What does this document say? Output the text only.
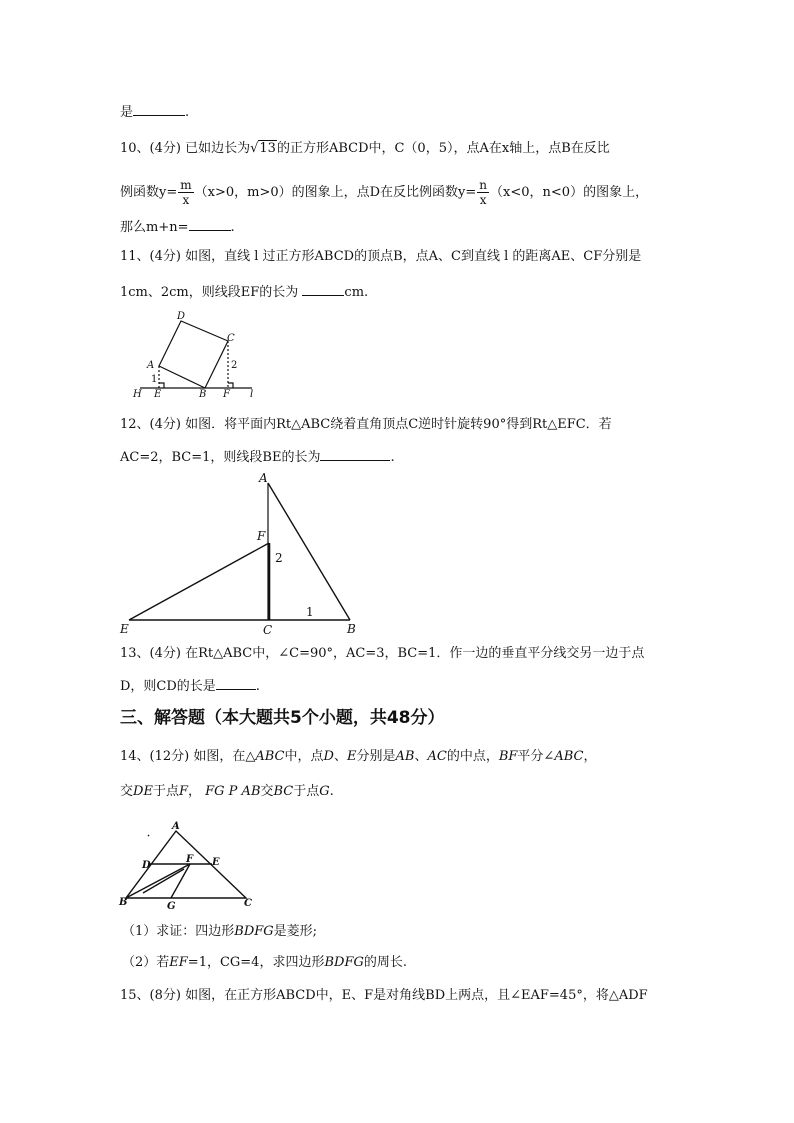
是	.
10、(4分) 已如边长为√13的正方形ABCD中，C（0，5），点A在x轴上，点B在反比
例函数$y= \frac{m}{x} (x>0$，m>0）的图象上，点D在反比例函数$y= \frac{n}{x} (x<0$，n<0）的图象上，
那么m+n=	.
11、(4分) 如图，直线 l 过正方形ABCD的顶点B，点A、C到直线 l 的距离AE、CF分别是
1cm、2cm，则线段EF的长为	cm.
D
A
C
H E	B F l
1
2
12、(4分) 如图．将平面内Rt△ABC绕着直角顶点C逆时针旋转90°得到Rt△EFC．若
AC=2，BC=1，则线段BE的长为	.
A
F
E	C	B
2
1
13、(4分) 在Rt△ABC中，∠C=90°，AC=3，BC=1．作一边的垂直平分线交另一边于点
D，则CD的长是	.
三、解答题（本大题共5个小题，共48分）
14、(12分) 如图，在△ABC中，点D、E分别是AB、AC的中点，BF平分∠ABC，
交DE于点F， FG P AB交BC于点G.
A
D	E
F
B	G	C
（1）求证：四边形BDFG是菱形;
（2）若EF=1，CG=4，求四边形BDFG的周长.
15、(8分) 如图，在正方形ABCD中，E、F是对角线BD上两点，且∠EAF=45°，将△ADF
